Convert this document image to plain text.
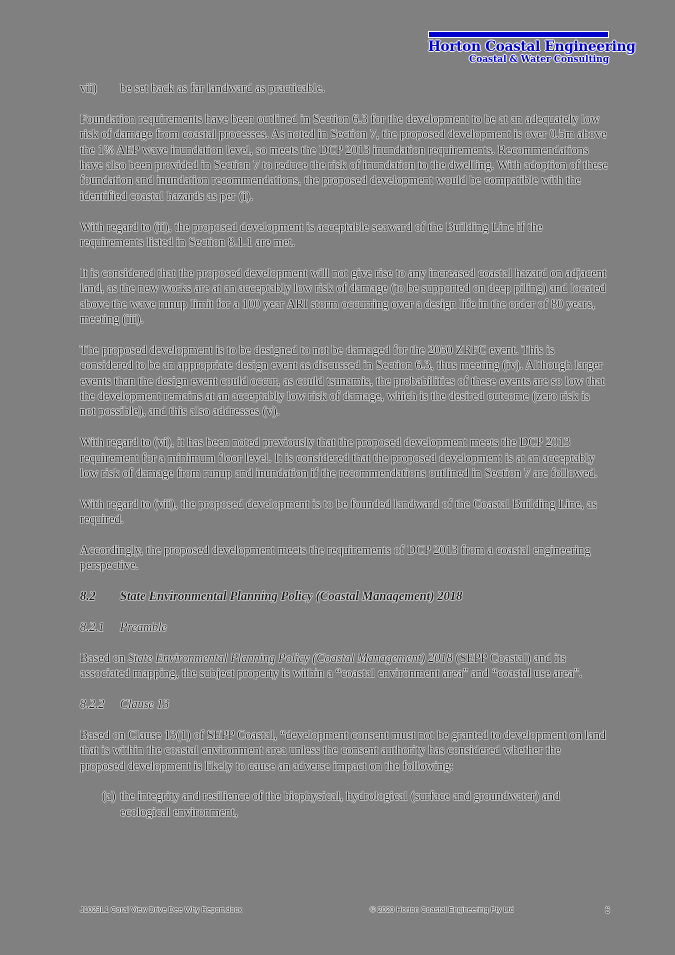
Horton Coastal Engineering
Coastal & Water Consulting
vii)	be set back as far landward as practicable.

Foundation requirements have been outlined in Section 6.3 for the development to be at an adequately low risk of damage from coastal processes. As noted in Section 7, the proposed development is over 0.5m above the 1% AEP wave inundation level, so meets the DCP 2013 inundation requirements. Recommendations have also been provided in Section 7 to reduce the risk of inundation to the dwelling. With adoption of these foundation and inundation recommendations, the proposed development would be compatible with the identified coastal hazards as per (i).

With regard to (ii), the proposed development is acceptable seaward of the Building Line if the requirements listed in Section 8.1.1 are met.

It is considered that the proposed development will not give rise to any increased coastal hazard on adjacent land, as the new works are at an acceptably low risk of damage (to be supported on deep piling) and located above the wave runup limit for a 100 year ARI storm occurring over a design life in the order of 80 years, meeting (iii).

The proposed development is to be designed to not be damaged for the 2050 ZRFC event. This is considered to be an appropriate design event as discussed in Section 6.3, thus meeting (iv). Although larger events than the design event could occur, as could tsunamis, the probabilities of these events are so low that the development remains at an acceptably low risk of damage, which is the desired outcome (zero risk is not possible), and this also addresses (v).

With regard to (vi), it has been noted previously that the proposed development meets the DCP 2013 requirement for a minimum floor level. It is considered that the proposed development is at an acceptably low risk of damage from runup and inundation if the recommendations outlined in Section 7 are followed.

With regard to (vii), the proposed development is to be founded landward of the Coastal Building Line, as required.

Accordingly, the proposed development meets the requirements of DCP 2013 from a coastal engineering perspective.

8.2	State Environmental Planning Policy (Coastal Management) 2018
8.2.1	Preamble

Based on State Environmental Planning Policy (Coastal Management) 2018 (SEPP Coastal) and its associated mapping, the subject property is within a “coastal environment area” and “coastal use area”.

8.2.2	Clause 13

Based on Clause 13(1) of SEPP Coastal, “development consent must not be granted to development on land that is within the coastal environment area unless the consent authority has considered whether the proposed development is likely to cause an adverse impact on the following:

(a) the integrity and resilience of the biophysical, hydrological (surface and groundwater) and ecological environment,
J1023L1 Coral View Drive Dee Why Report.docx	© 2020 Horton Coastal Engineering Pty Ltd	6
